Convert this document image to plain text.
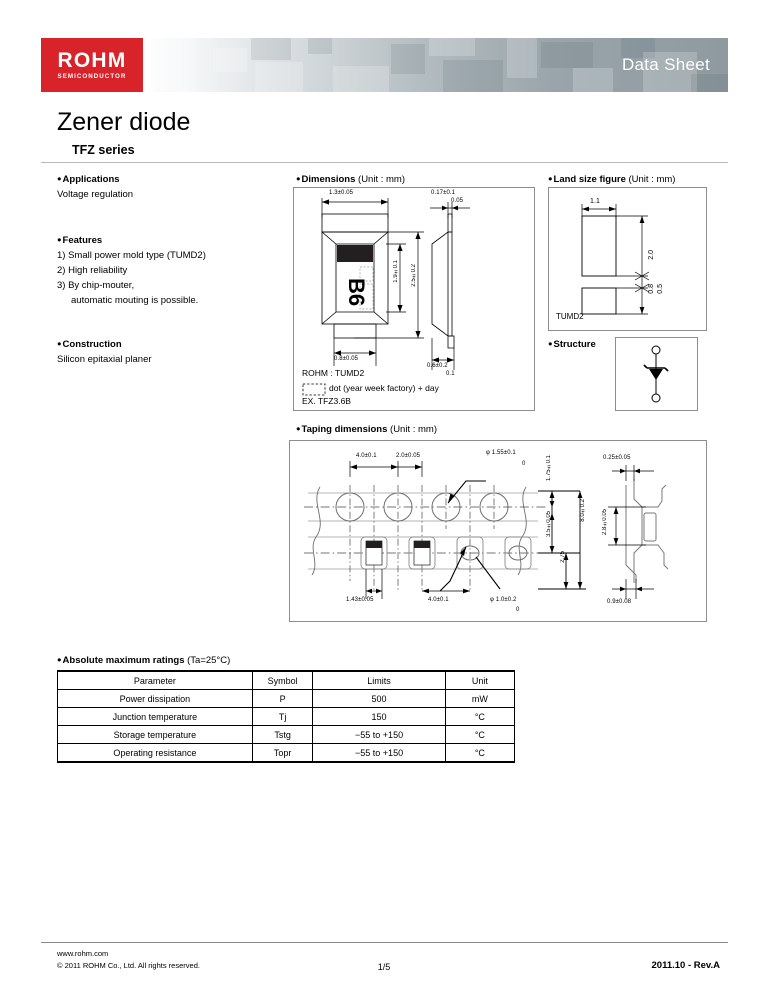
ROHM
SEMICONDUCTOR
Data Sheet
Zener diode
TFZ series
● Applications
Voltage regulation
● Features
1) Small power mold type (TUMD2)
2) High reliability
3) By chip-mouter,
automatic mouting is possible.
● Construction
Silicon epitaxial planer
● Dimensions (Unit : mm)
B6
1.3±0.05
1.9±0.1 2.5±0.2
0.8±0.05
0.17±0.1
0.05
0.6±0.2
0.1
ROHM : TUMD2
dot (year week factory) + day
EX. TFZ3.6B
● Land size figure (Unit : mm)
1.1
2.0
0.8 0.5
TUMD2
● Structure
● Taping dimensions (Unit : mm)
4.0±0.1	2.0±0.05	φ 1.55±0.1
0	1.75±0.1
3.5±0.05
8.0±0.2
2.75
1.43±0.05	4.0±0.1	φ 1.0±0.2
0
0.25±0.05
2.8±0.05
0.9±0.08
● Absolute maximum ratings (Ta=25°C)
Parameter	Symbol	Limits	Unit
Power dissipation	P	500	mW
Junction temperature	Tj	150	°C
Storage temperature	Tstg	−55 to +150	°C
Operating resistance	Topr	−55 to +150	°C
www.rohm.com
© 2011 ROHM Co., Ltd. All rights reserved.	1/5	2011.10 - Rev.A
